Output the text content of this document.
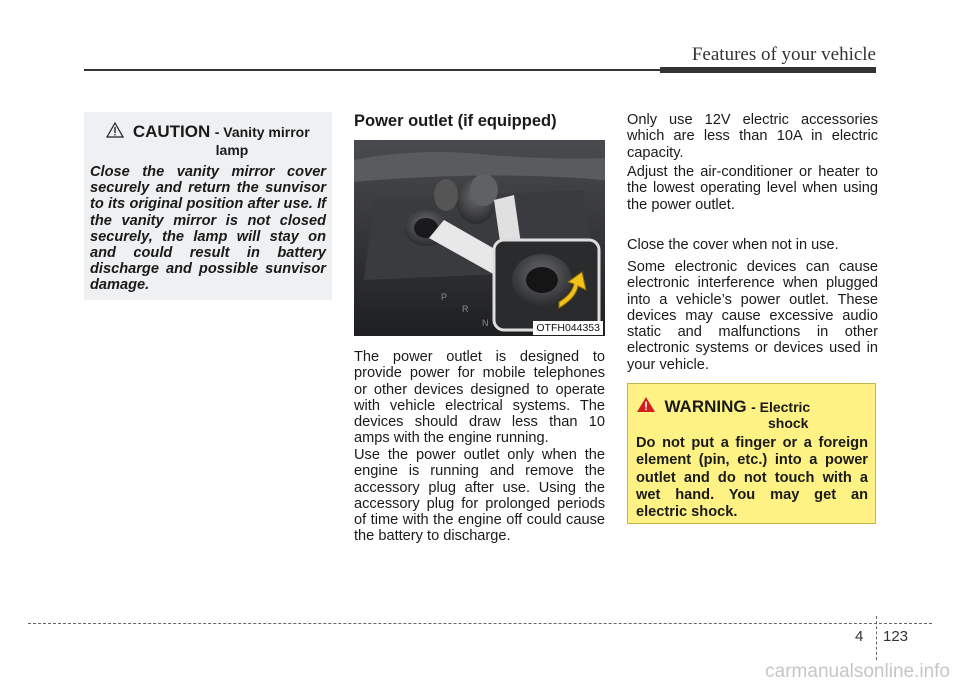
Features of your vehicle
CAUTION - Vanity mirror
lamp
Close the vanity mirror cover securely and return the sunvisor to its original position after use. If the vanity mirror is not closed securely, the lamp will stay on and could result in battery discharge and possible sunvisor damage.
Power outlet (if equipped)
P
R
N	OTFH044353
The power outlet is designed to provide power for mobile telephones or other devices designed to operate with vehicle electrical systems. The devices should draw less than 10 amps with the engine running.
Use the power outlet only when the engine is running and remove the accessory plug after use. Using the accessory plug for prolonged periods of time with the engine off could cause the battery to discharge.
Only use 12V electric accessories which are less than 10A in electric capacity.
Adjust the air-conditioner or heater to the lowest operating level when using the power outlet.
Close the cover when not in use.
Some electronic devices can cause electronic interference when plugged into a vehicle’s power outlet. These devices may cause excessive audio static and malfunctions in other electronic systems or devices used in your vehicle.
WARNING - Electric
shock
Do not put a finger or a foreign element (pin, etc.) into a power outlet and do not touch with a wet hand. You may get an electric shock.
4 123
carmanualsonline.info
